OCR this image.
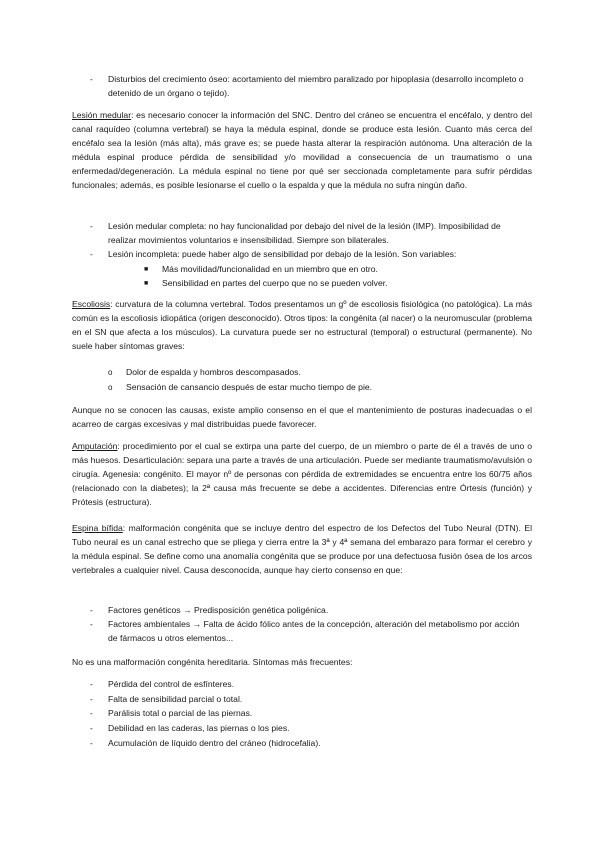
- Disturbios del crecimiento óseo: acortamiento del miembro paralizado por hipoplasia (desarrollo incompleto o detenido de un órgano o tejido).

Lesión medular: es necesario conocer la información del SNC. Dentro del cráneo se encuentra el encéfalo, y dentro del canal raquídeo (columna vertebral) se haya la médula espinal, donde se produce esta lesión. Cuanto más cerca del encéfalo sea la lesión (más alta), más grave es; se puede hasta alterar la respiración autónoma. Una alteración de la médula espinal produce pérdida de sensibilidad y/o movilidad a consecuencia de un traumatismo o una enfermedad/degeneración. La médula espinal no tiene por qué ser seccionada completamente para sufrir pérdidas funcionales; además, es posible lesionarse el cuello o la espalda y que la médula no sufra ningún daño.

- Lesión medular completa: no hay funcionalidad por debajo del nivel de la lesión (IMP). Imposibilidad de realizar movimientos voluntarios e insensibilidad. Siempre son bilaterales.

- Lesión incompleta: puede haber algo de sensibilidad por debajo de la lesión. Son variables:

■ Más movilidad/funcionalidad en un miembro que en otro.

■ Sensibilidad en partes del cuerpo que no se pueden volver.

Escoliosis: curvatura de la columna vertebral. Todos presentamos un gº de escoliosis fisiológica (no patológica). La más común es la escoliosis idiopática (origen desconocido). Otros tipos: la congénita (al nacer) o la neuromuscular (problema en el SN que afecta a los músculos). La curvatura puede ser no estructural (temporal) o estructural (permanente). No suele haber síntomas graves:

o Dolor de espalda y hombros descompasados.

o Sensación de cansancio después de estar mucho tiempo de pie.

Aunque no se conocen las causas, existe amplio consenso en el que el mantenimiento de posturas inadecuadas o el acarreo de cargas excesivas y mal distribuidas puede favorecer.

Amputación: procedimiento por el cual se extirpa una parte del cuerpo, de un miembro o parte de él a través de uno o más huesos. Desarticulación: separa una parte a través de una articulación. Puede ser mediante traumatismo/avulsión o cirugía. Agenesia: congénito. El mayor nº de personas con pérdida de extremidades se encuentra entre los 60/75 años (relacionado con la diabetes); la 2ª causa más frecuente se debe a accidentes. Diferencias entre Órtesis (función) y Prótesis (estructura).

Espina bífida: malformación congénita que se incluye dentro del espectro de los Defectos del Tubo Neural (DTN). El Tubo neural es un canal estrecho que se pliega y cierra entre la 3ª y 4ª semana del embarazo para formar el cerebro y la médula espinal. Se define como una anomalía congénita que se produce por una defectuosa fusión ósea de los arcos vertebrales a cualquier nivel. Causa desconocida, aunque hay cierto consenso en que:

- Factores genéticos → Predisposición genética poligénica.

- Factores ambientales → Falta de ácido fólico antes de la concepción, alteración del metabolismo por acción de fármacos u otros elementos...

No es una malformación congénita hereditaria. Síntomas más frecuentes:

- Pérdida del control de esfínteres.

- Falta de sensibilidad parcial o total.

- Parálisis total o parcial de las piernas.

- Debilidad en las caderas, las piernas o los pies.

- Acumulación de líquido dentro del cráneo (hidrocefalia).
